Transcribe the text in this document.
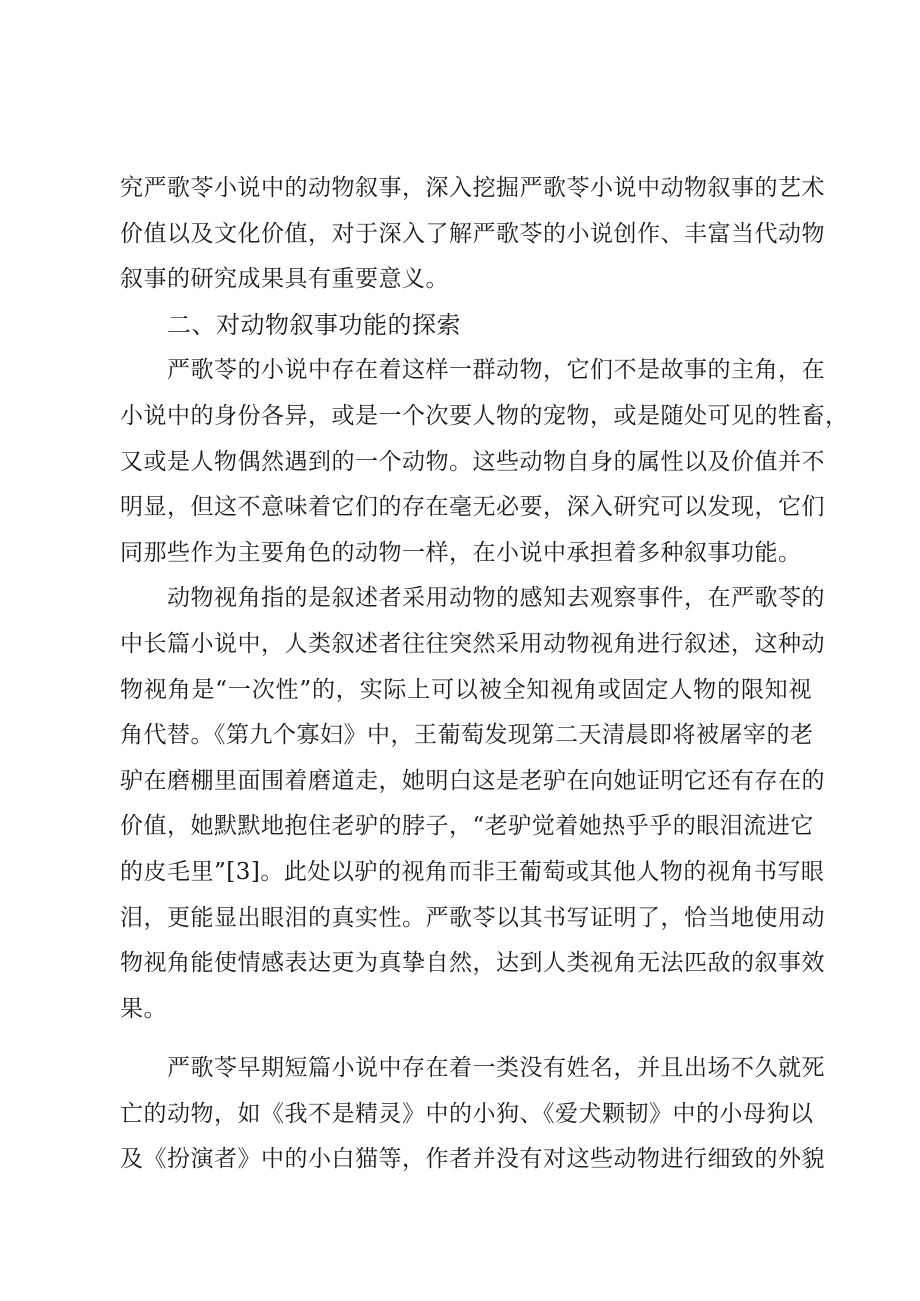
究严歌苓小说中的动物叙事，深入挖掘严歌苓小说中动物叙事的艺术
价值以及文化价值，对于深入了解严歌苓的小说创作、丰富当代动物
叙事的研究成果具有重要意义。
二、对动物叙事功能的探索
严歌苓的小说中存在着这样一群动物，它们不是故事的主角，在
小说中的身份各异，或是一个次要人物的宠物，或是随处可见的牲畜，
又或是人物偶然遇到的一个动物。这些动物自身的属性以及价值并不
明显，但这不意味着它们的存在毫无必要，深入研究可以发现，它们
同那些作为主要角色的动物一样，在小说中承担着多种叙事功能。
动物视角指的是叙述者采用动物的感知去观察事件，在严歌苓的
中长篇小说中，人类叙述者往往突然采用动物视角进行叙述，这种动
物视角是“一次性”的，实际上可以被全知视角或固定人物的限知视
角代替。《第九个寡妇》中，王葡萄发现第二天清晨即将被屠宰的老
驴在磨棚里面围着磨道走，她明白这是老驴在向她证明它还有存在的
价值，她默默地抱住老驴的脖子，“老驴觉着她热乎乎的眼泪流进它
的皮毛里”[3]。此处以驴的视角而非王葡萄或其他人物的视角书写眼
泪，更能显出眼泪的真实性。严歌苓以其书写证明了，恰当地使用动
物视角能使情感表达更为真挚自然，达到人类视角无法匹敌的叙事效
果。
严歌苓早期短篇小说中存在着一类没有姓名，并且出场不久就死
亡的动物，如《我不是精灵》中的小狗、《爱犬颗韧》中的小母狗以
及《扮演者》中的小白猫等，作者并没有对这些动物进行细致的外貌
